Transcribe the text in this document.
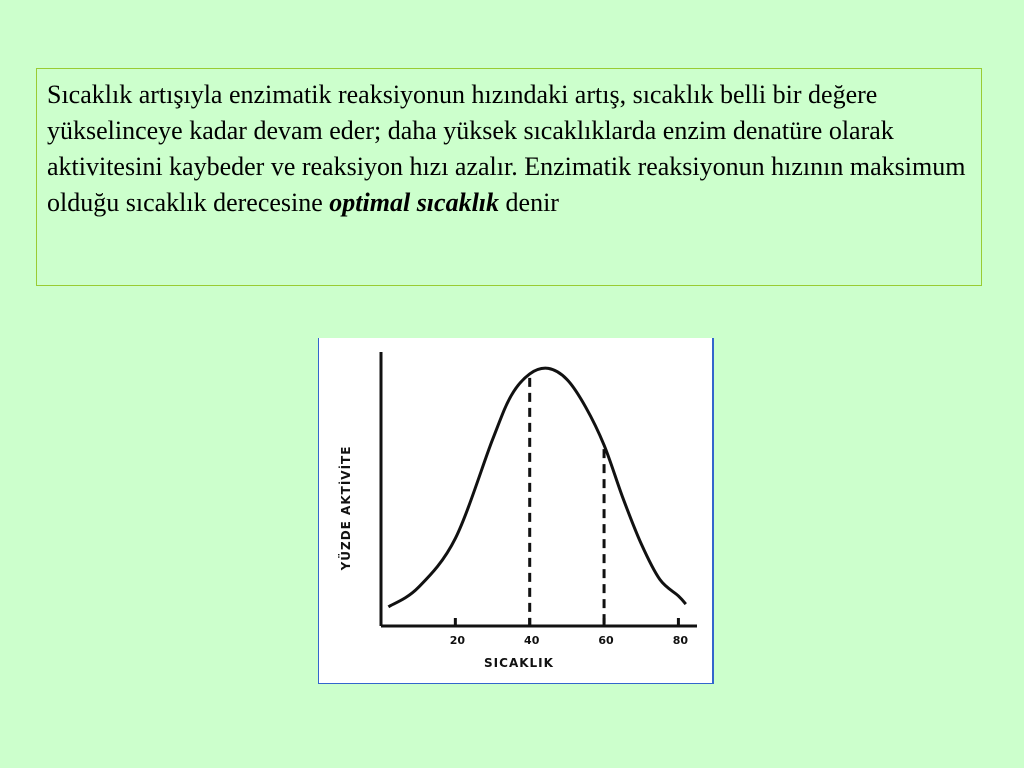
Sıcaklık artışıyla enzimatik reaksiyonun hızındaki artış, sıcaklık belli bir değere yükselinceye kadar devam eder; daha yüksek sıcaklıklarda enzim denatüre olarak aktivitesini kaybeder ve reaksiyon hızı azalır. Enzimatik reaksiyonun hızının maksimum olduğu sıcaklık derecesine optimal sıcaklık denir
20	40	60	80
YÜZDE AKTİVİTE
SICAKLIK
